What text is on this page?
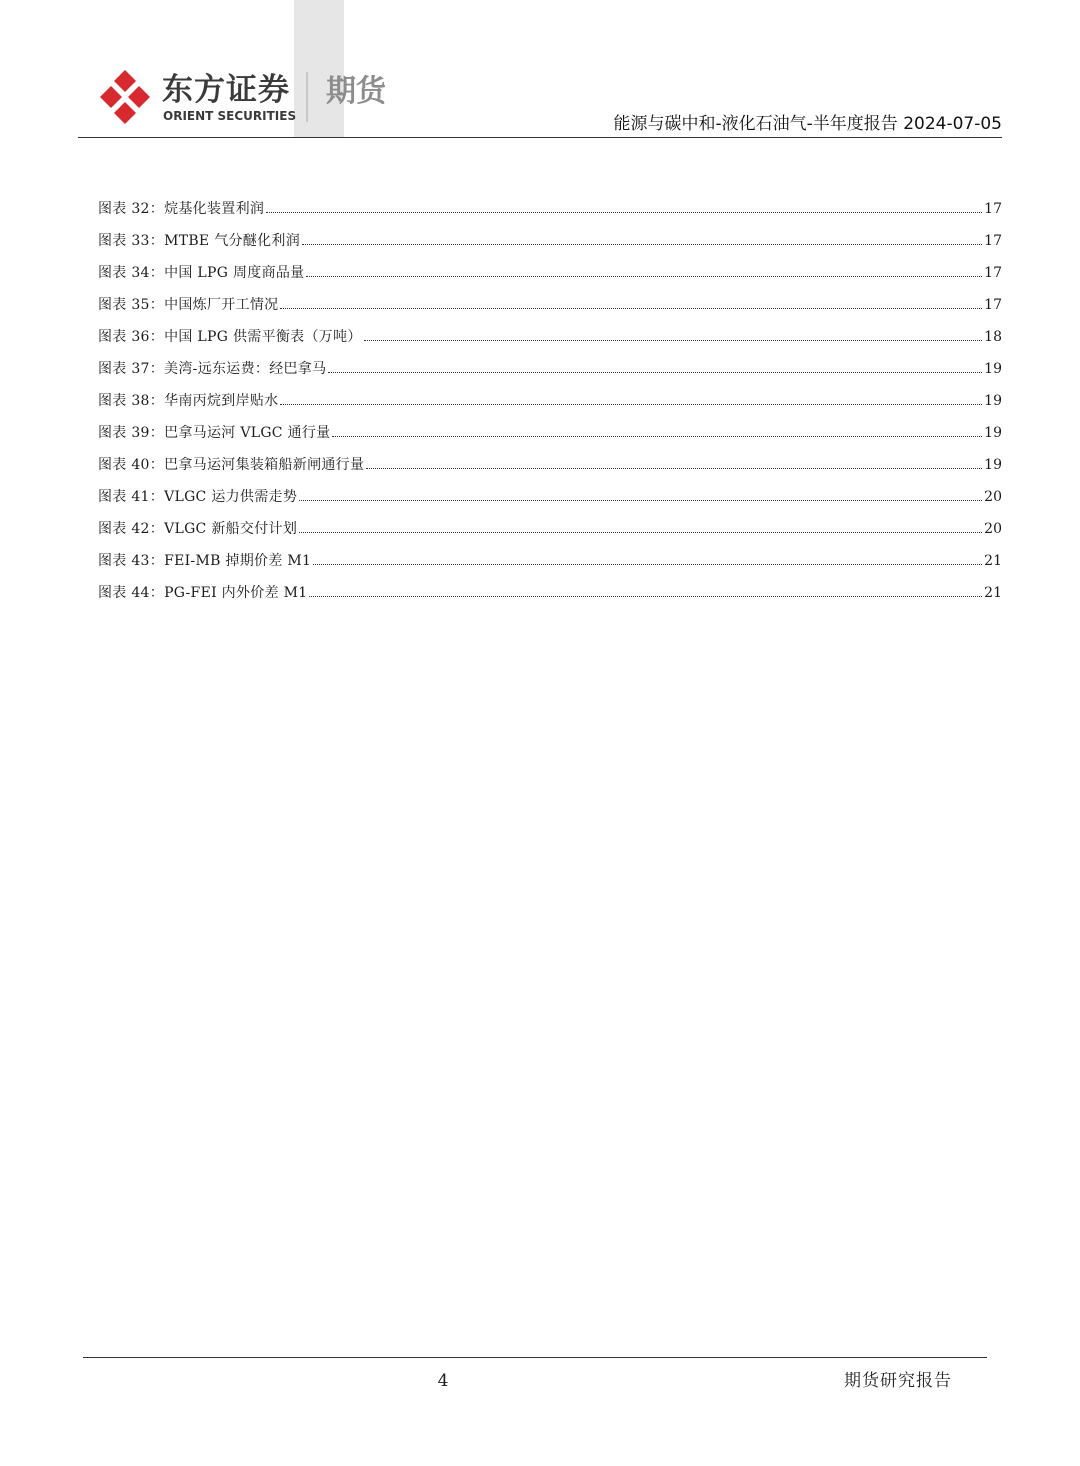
东方证券
ORIENT SECURITIES
期货
能源与碳中和-液化石油气-半年度报告 2024-07-05
图表 32：烷基化装置利润	17
图表 33：MTBE 气分醚化利润	17
图表 34：中国 LPG 周度商品量	17
图表 35：中国炼厂开工情况	17
图表 36：中国 LPG 供需平衡表（万吨）	18
图表 37：美湾-远东运费：经巴拿马	19
图表 38：华南丙烷到岸贴水	19
图表 39：巴拿马运河 VLGC 通行量	19
图表 40：巴拿马运河集装箱船新闸通行量	19
图表 41：VLGC 运力供需走势	20
图表 42：VLGC 新船交付计划	20
图表 43：FEI-MB 掉期价差 M1	21
图表 44：PG-FEI 内外价差 M1	21
4	期货研究报告
